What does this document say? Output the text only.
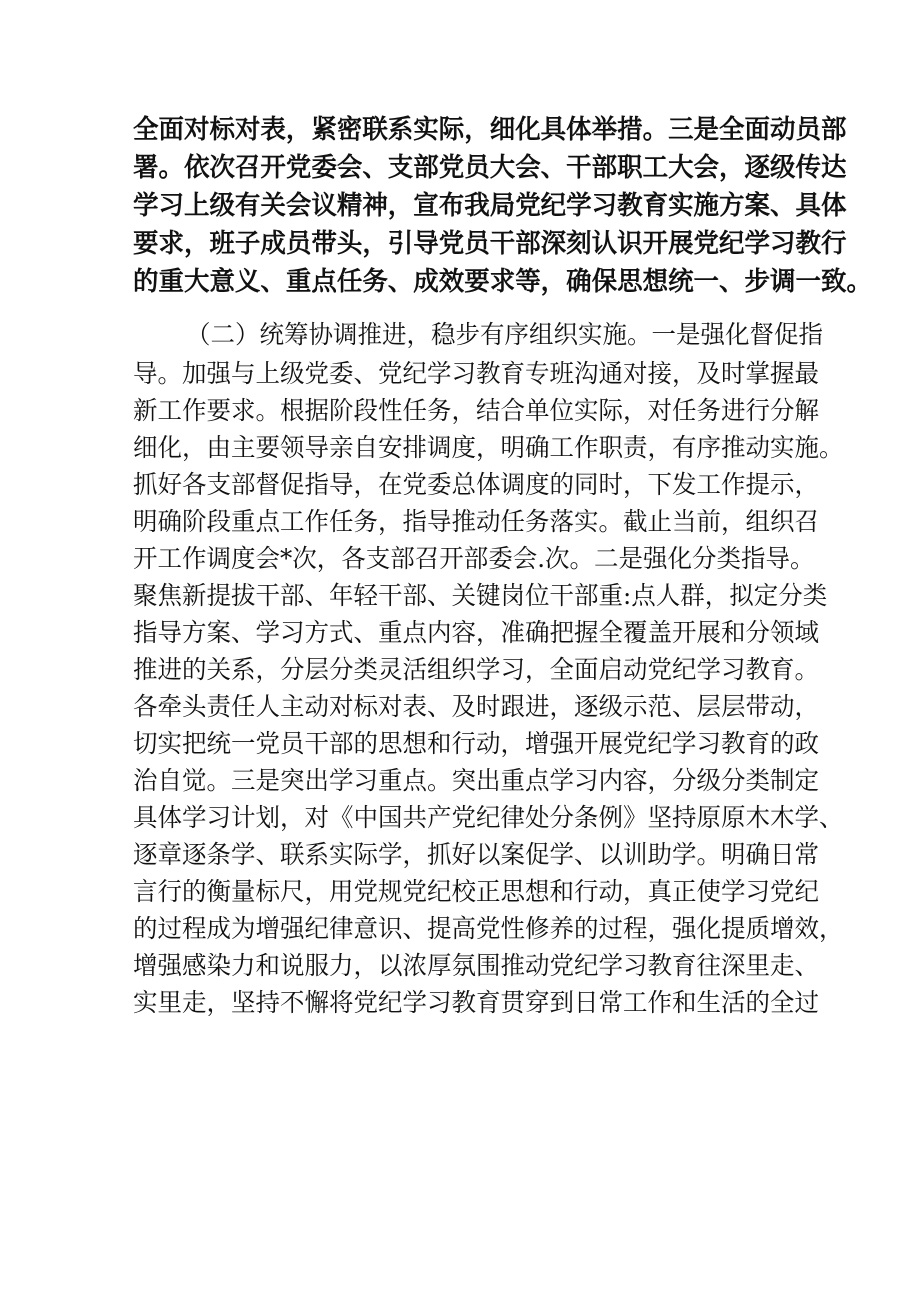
全面对标对表，紧密联系实际，细化具体举措。三是全面动员部
署。依次召开党委会、支部党员大会、干部职工大会，逐级传达
学习上级有关会议精神，宣布我局党纪学习教育实施方案、具体
要求，班子成员带头，引导党员干部深刻认识开展党纪学习教行
的重大意义、重点任务、成效要求等，确保思想统一、步调一致。
（二）统筹协调推进，稳步有序组织实施。一是强化督促指
导。加强与上级党委、党纪学习教育专班沟通对接，及时掌握最
新工作要求。根据阶段性任务，结合单位实际，对任务进行分解
细化，由主要领导亲自安排调度，明确工作职责，有序推动实施。
抓好各支部督促指导，在党委总体调度的同时，下发工作提示，
明确阶段重点工作任务，指导推动任务落实。截止当前，组织召
开工作调度会*次，各支部召开部委会.次。二是强化分类指导。
聚焦新提拔干部、年轻干部、关键岗位干部重:点人群，拟定分类
指导方案、学习方式、重点内容，准确把握全覆盖开展和分领域
推进的关系，分层分类灵活组织学习，全面启动党纪学习教育。
各牵头责任人主动对标对表、及时跟进，逐级示范、层层带动，
切实把统一党员干部的思想和行动，增强开展党纪学习教育的政
治自觉。三是突出学习重点。突出重点学习内容，分级分类制定
具体学习计划，对《中国共产党纪律处分条例》坚持原原木木学、
逐章逐条学、联系实际学，抓好以案促学、以训助学。明确日常
言行的衡量标尺，用党规党纪校正思想和行动，真正使学习党纪
的过程成为增强纪律意识、提高党性修养的过程，强化提质增效，
增强感染力和说服力，以浓厚氛围推动党纪学习教育往深里走、
实里走，坚持不懈将党纪学习教育贯穿到日常工作和生活的全过
